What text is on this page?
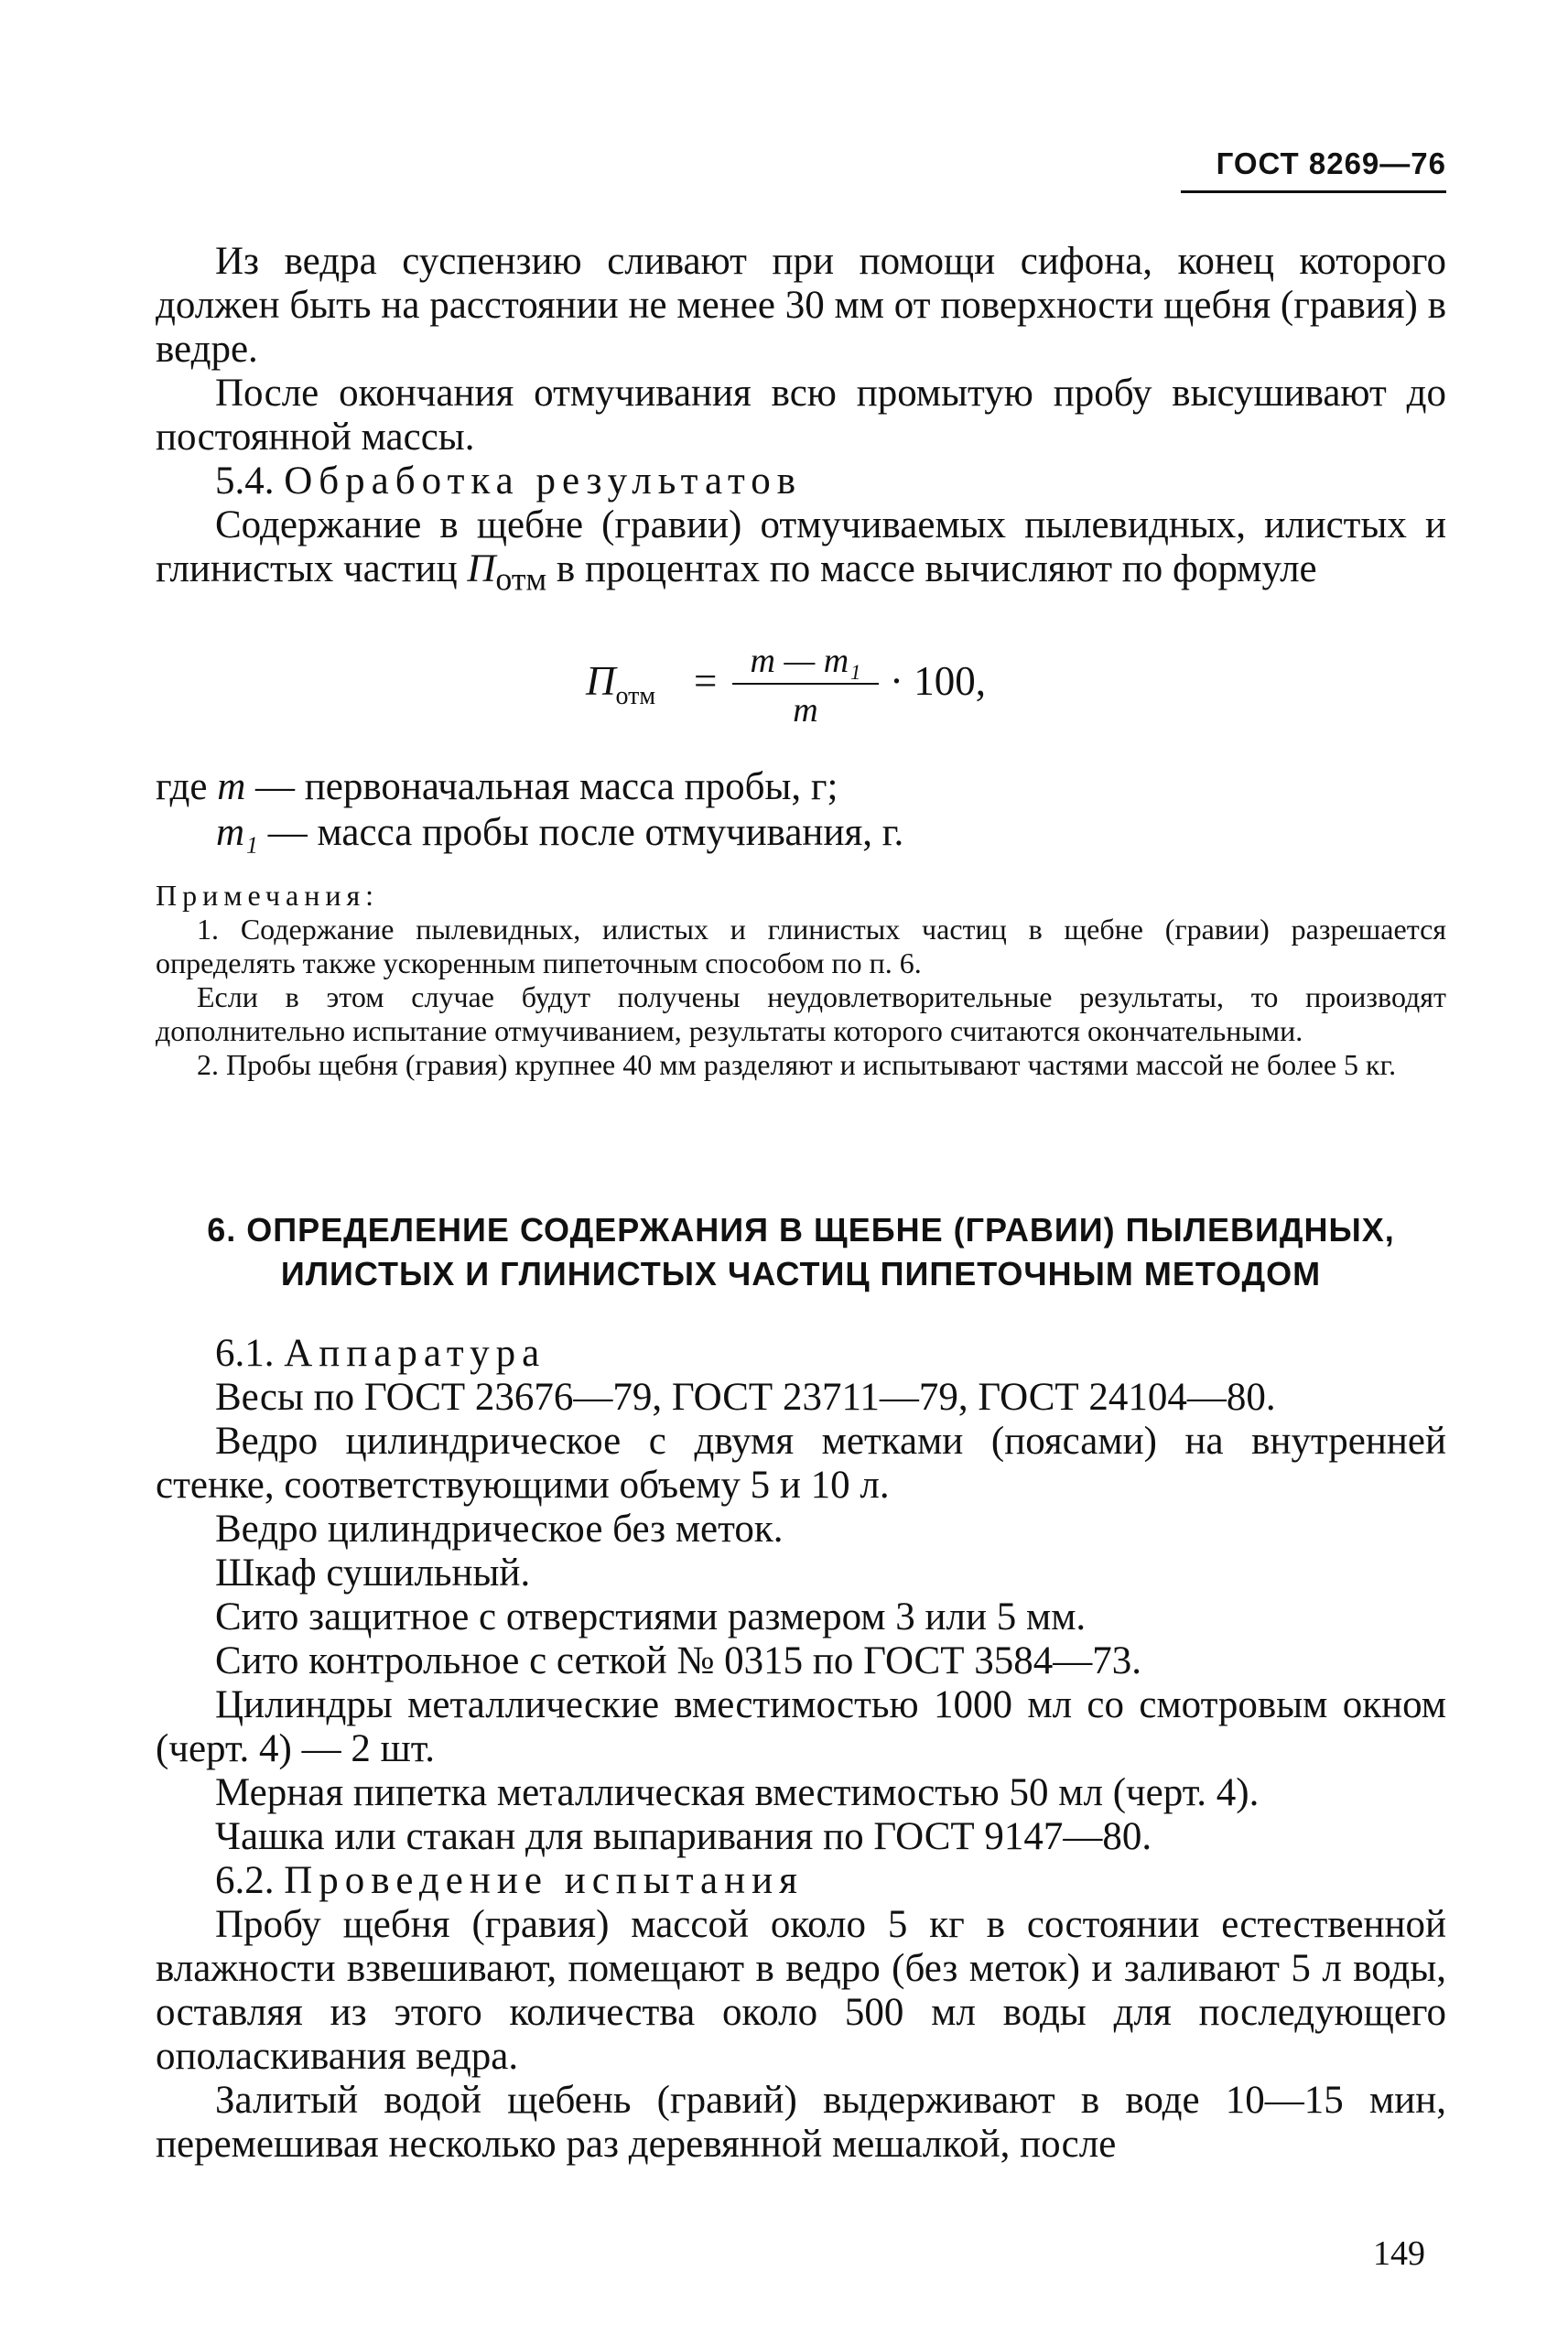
ГОСТ 8269—76

Из ведра суспензию сливают при помощи сифона, конец которого должен быть на расстоянии не менее 30 мм от поверхности щебня (гравия) в ведре.

После окончания отмучивания всю промытую пробу высушивают до постоянной массы.

5.4. Обработка результатов

Содержание в щебне (гравии) отмучиваемых пылевидных, илистых и глинистых частиц $П_{отм}$ в процентах по массе вычисляют по формуле

$П_{отм} = m$ — m₁
m
· 100,
где m — первоначальная масса пробы, г;
m₁ — масса пробы после отмучивания, г.
Примечания:

1. Содержание пылевидных, илистых и глинистых частиц в щебне (гравии) разрешается определять также ускоренным пипеточным способом по п. 6.

Если в этом случае будут получены неудовлетворительные результаты, то производят дополнительно испытание отмучиванием, результаты которого считаются окончательными.

2. Пробы щебня (гравия) крупнее 40 мм разделяют и испытывают частями массой не более 5 кг.

6. ОПРЕДЕЛЕНИЕ СОДЕРЖАНИЯ В ЩЕБНЕ (ГРАВИИ) ПЫЛЕВИДНЫХ,
ИЛИСТЫХ И ГЛИНИСТЫХ ЧАСТИЦ ПИПЕТОЧНЫМ МЕТОДОМ

6.1. Аппаратура

Весы по ГОСТ 23676—79, ГОСТ 23711—79, ГОСТ 24104—80.

Ведро цилиндрическое с двумя метками (поясами) на внутренней стенке, соответствующими объему 5 и 10 л.

Ведро цилиндрическое без меток.

Шкаф сушильный.

Сито защитное с отверстиями размером 3 или 5 мм.

Сито контрольное с сеткой № 0315 по ГОСТ 3584—73.

Цилиндры металлические вместимостью 1000 мл со смотровым окном (черт. 4) — 2 шт.

Мерная пипетка металлическая вместимостью 50 мл (черт. 4).

Чашка или стакан для выпаривания по ГОСТ 9147—80.

6.2. Проведение испытания

Пробу щебня (гравия) массой около 5 кг в состоянии естественной влажности взвешивают, помещают в ведро (без меток) и заливают 5 л воды, оставляя из этого количества около 500 мл воды для последующего ополаскивания ведра.

Залитый водой щебень (гравий) выдерживают в воде 10—15 мин, перемешивая несколько раз деревянной мешалкой, после

149
